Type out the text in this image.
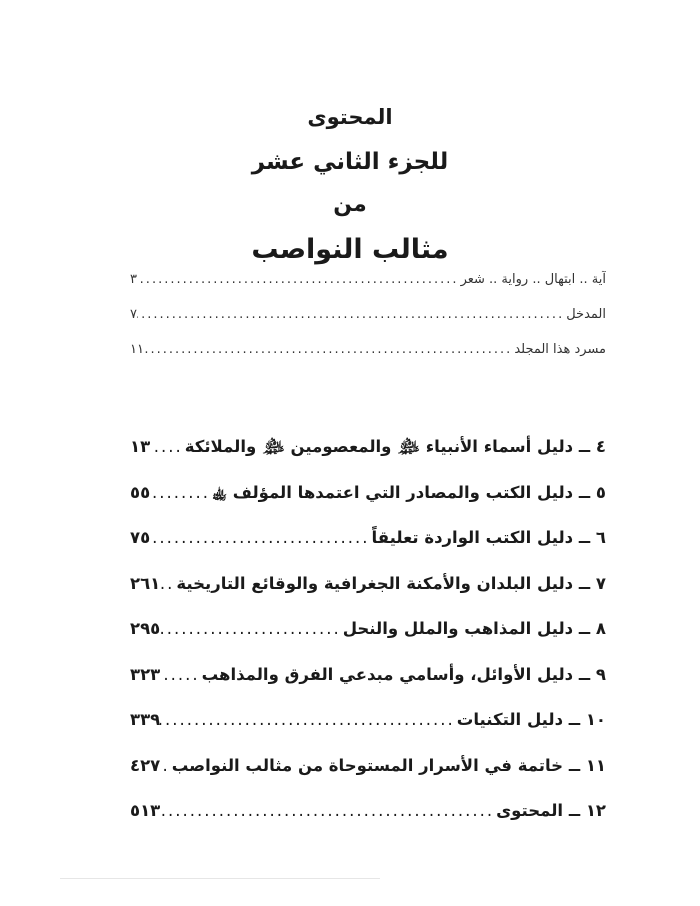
المحتوى
للجزء الثاني عشر
من
مثالب النواصب
آية .. ابتهال .. رواية .. شعر
.....
٣
المدخل
.....
٧
مسرد هذا المجلد
.....
١١
٤ ــ دليل أسماء الأنبياء ﵈ والمعصومين ﵈ والملائكة
.....
١٣
٥ ــ دليل الكتب والمصادر التي اعتمدها المؤلف ﵀
.....
٥٥
٦ ــ دليل الكتب الواردة تعليقاً
.....
٧٥
٧ ــ دليل البلدان والأمكنة الجغرافية والوقائع التاريخية
.....
٢٦١
٨ ــ دليل المذاهب والملل والنحل
.....
٢٩٥
٩ ــ دليل الأوائل، وأسامي مبدعي الفرق والمذاهب
.....
٣٢٣
١٠ ــ دليل التكنيات
.....
٣٣٩
١١ ــ خاتمة في الأسرار المستوحاة من مثالب النواصب
.....
٤٢٧
١٢ ــ المحتوى
.....
٥١٣
